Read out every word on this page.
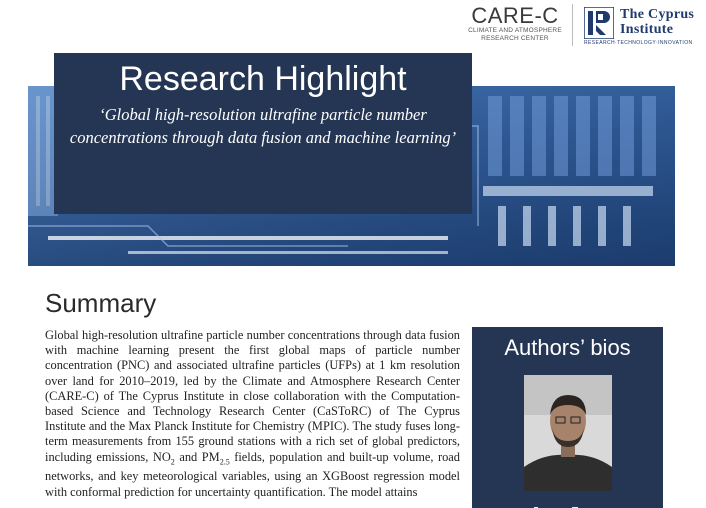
CARE-C
CLIMATE AND ATMOSPHERE
RESEARCH CENTER
The Cyprus
Institute
RESEARCH·TECHNOLOGY·INNOVATION
Research Highlight
‘Global high-resolution ultrafine particle number concentrations through data fusion and machine learning’
Summary
Global high-resolution ultrafine particle number concentrations through data fusion with machine learning present the first global maps of particle number concentration (PNC) and associated ultrafine particles (UFPs) at 1 km resolution over land for 2010–2019, led by the Climate and Atmosphere Research Center (CARE-C) of The Cyprus Institute in close collaboration with the Computation-based Science and Technology Research Center (CaSToRC) of The Cyprus Institute and the Max Planck Institute for Chemistry (MPIC). The study fuses long-term measurements from 155 ground stations with a rich set of global predictors, including emissions, $NO_2$ and $PM_{2.5}$ fields, population and built-up volume, road networks, and key meteorological variables, using an XGBoost regression model with conformal prediction for uncertainty quantification. The model attains
Authors’ bios
